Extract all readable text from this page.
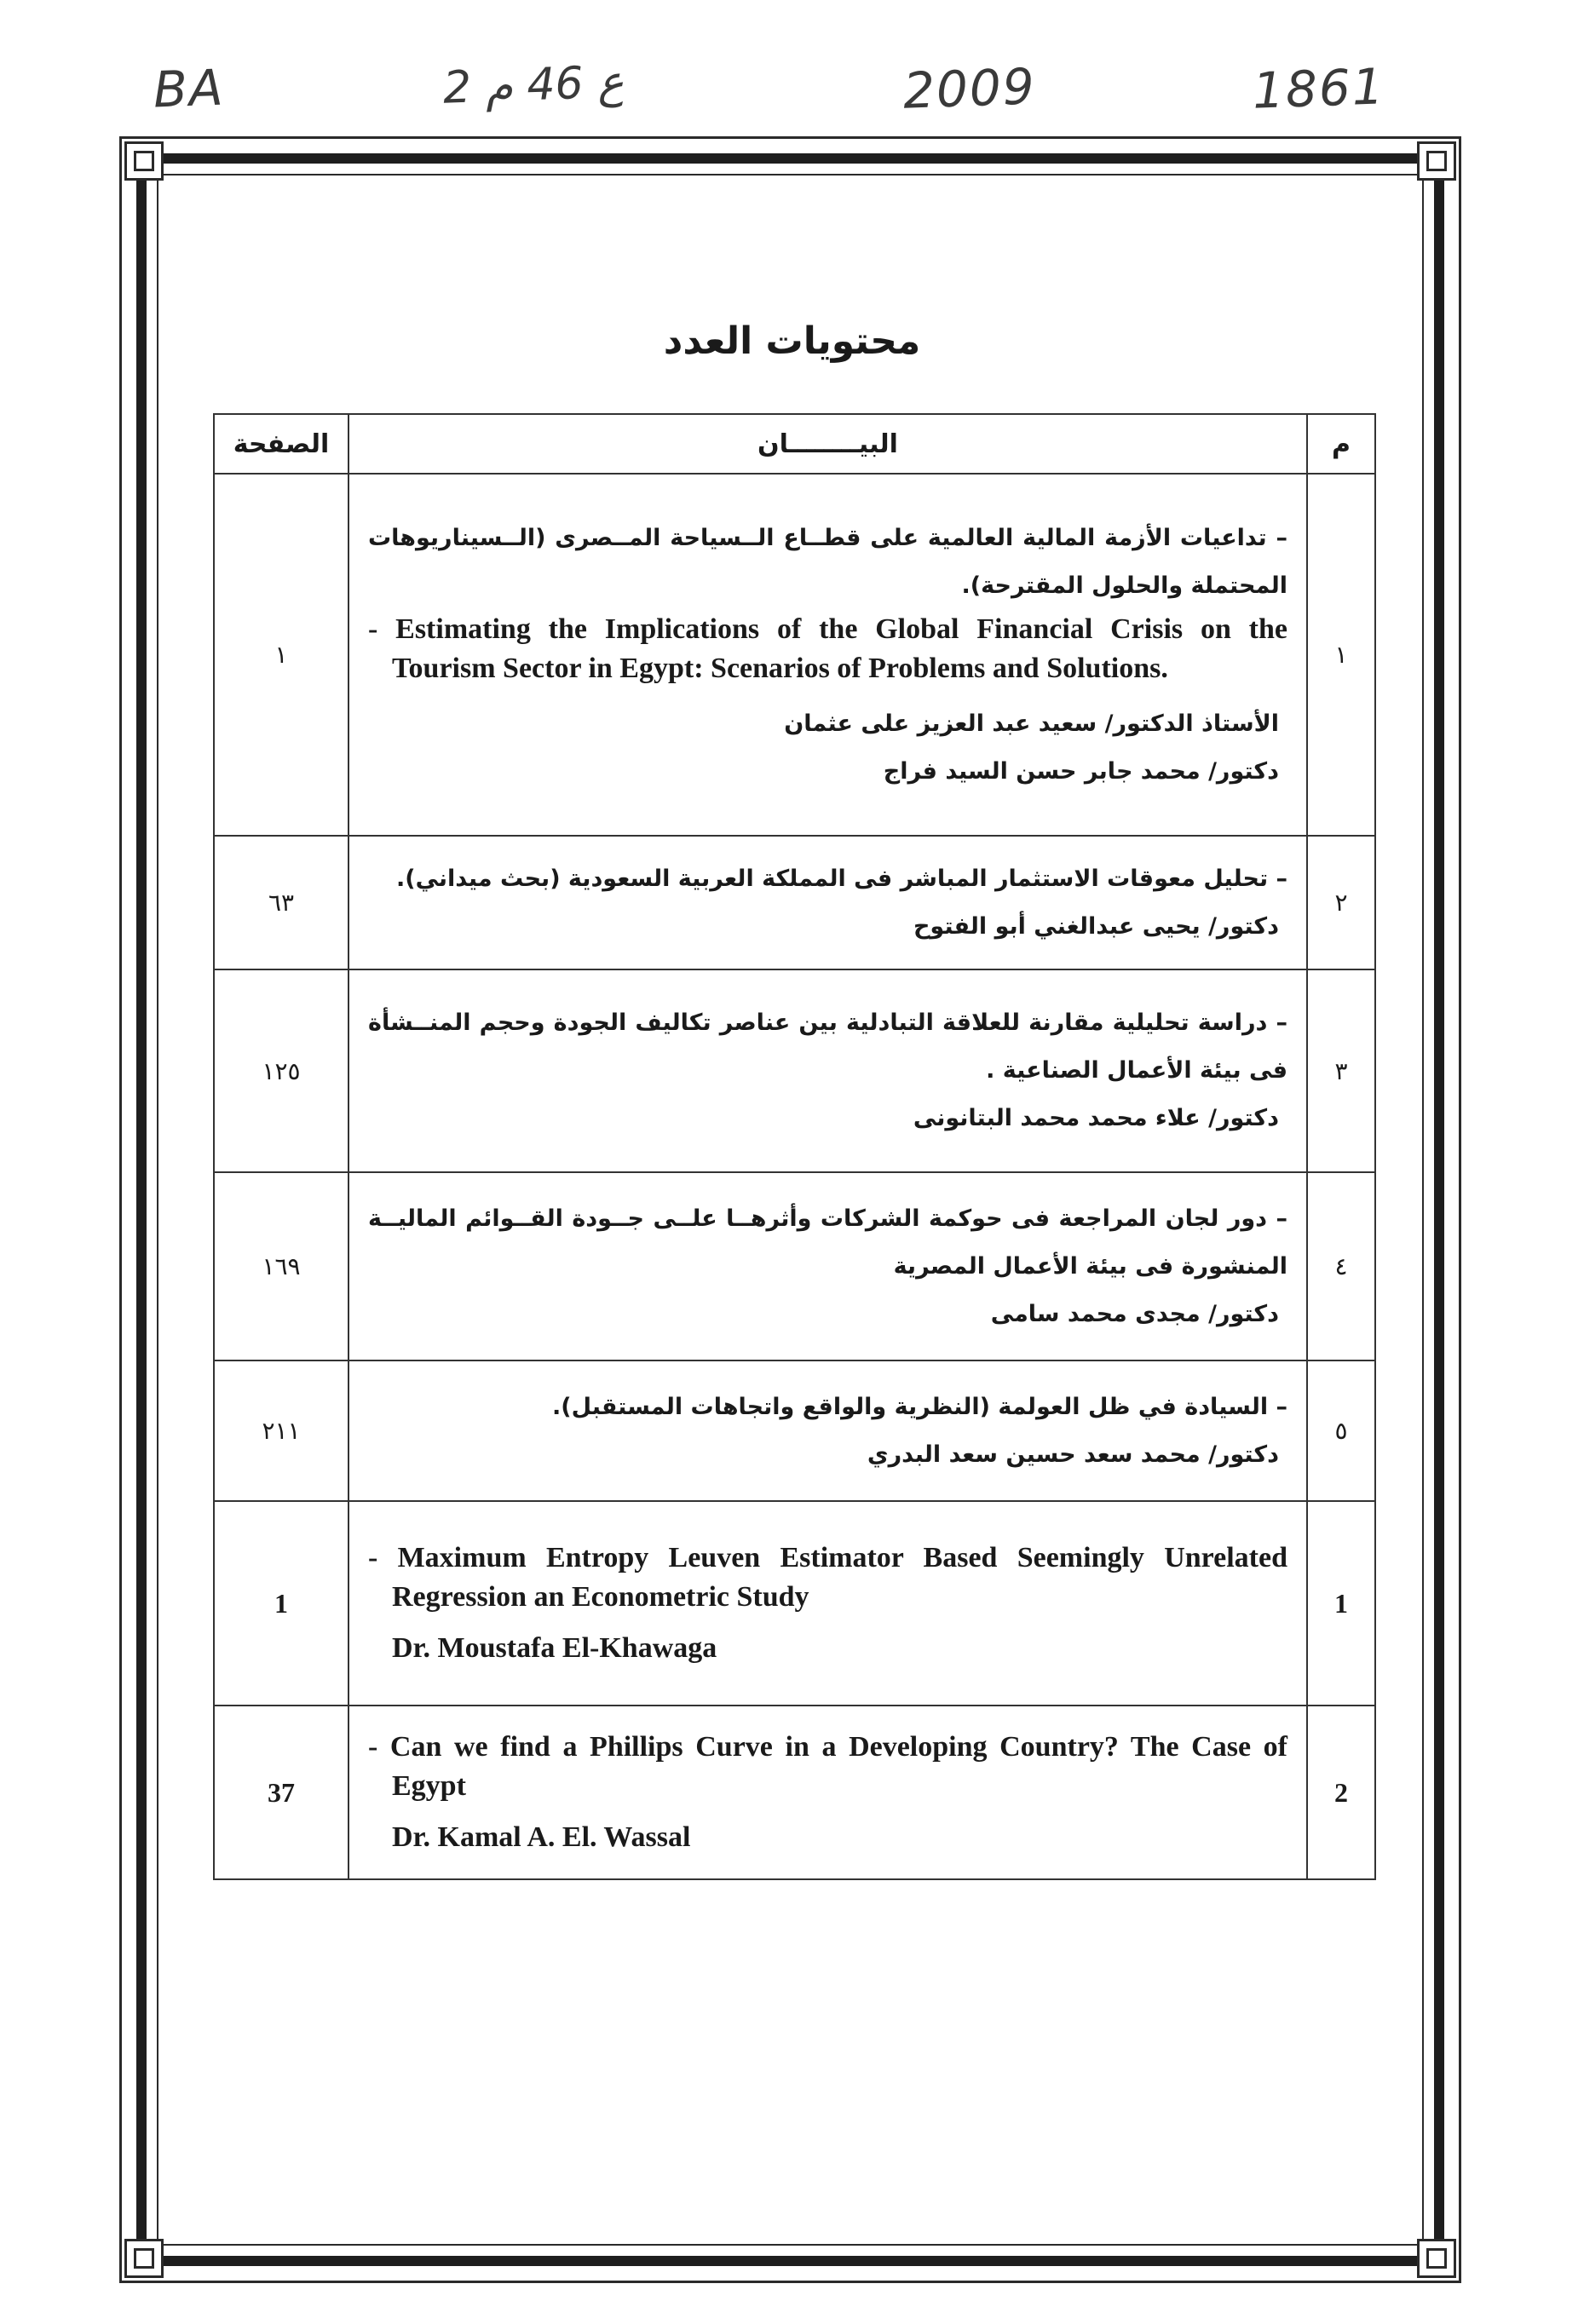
BA	2 ع 46 م	2009	1861
محتويات العدد
م	البيــــــــان	الصفحة
١	– تداعيات الأزمة المالية العالمية على قطــاع الــسياحة المــصرى (الــسيناريوهات المحتملة والحلول المقترحة).
- Estimating the Implications of the Global Financial Crisis on the Tourism Sector in Egypt: Scenarios of Problems and Solutions.
الأستاذ الدكتور/ سعيد عبد العزيز على عثمان
دكتور/ محمد جابر حسن السيد فراج	١
٢	– تحليل معوقات الاستثمار المباشر فى المملكة العربية السعودية (بحث ميداني).
دكتور/ يحيى عبدالغني أبو الفتوح	٦٣
٣	– دراسة تحليلية مقارنة للعلاقة التبادلية بين عناصر تكاليف الجودة وحجم المنــشأة فى بيئة الأعمال الصناعية .
دكتور/ علاء محمد محمد البتانونى	١٢٥
٤	– دور لجان المراجعة فى حوكمة الشركات وأثرهــا علــى جــودة القــوائم الماليــة المنشورة فى بيئة الأعمال المصرية
دكتور/ مجدى محمد سامى	١٦٩
٥	– السيادة في ظل العولمة (النظرية والواقع واتجاهات المستقبل).
دكتور/ محمد سعد حسين سعد البدري	٢١١
1	- Maximum Entropy Leuven Estimator Based Seemingly Unrelated Regression an Econometric Study
Dr. Moustafa El-Khawaga	1
2	- Can we find a Phillips Curve in a Developing Country? The Case of Egypt
Dr. Kamal A. El. Wassal	37
